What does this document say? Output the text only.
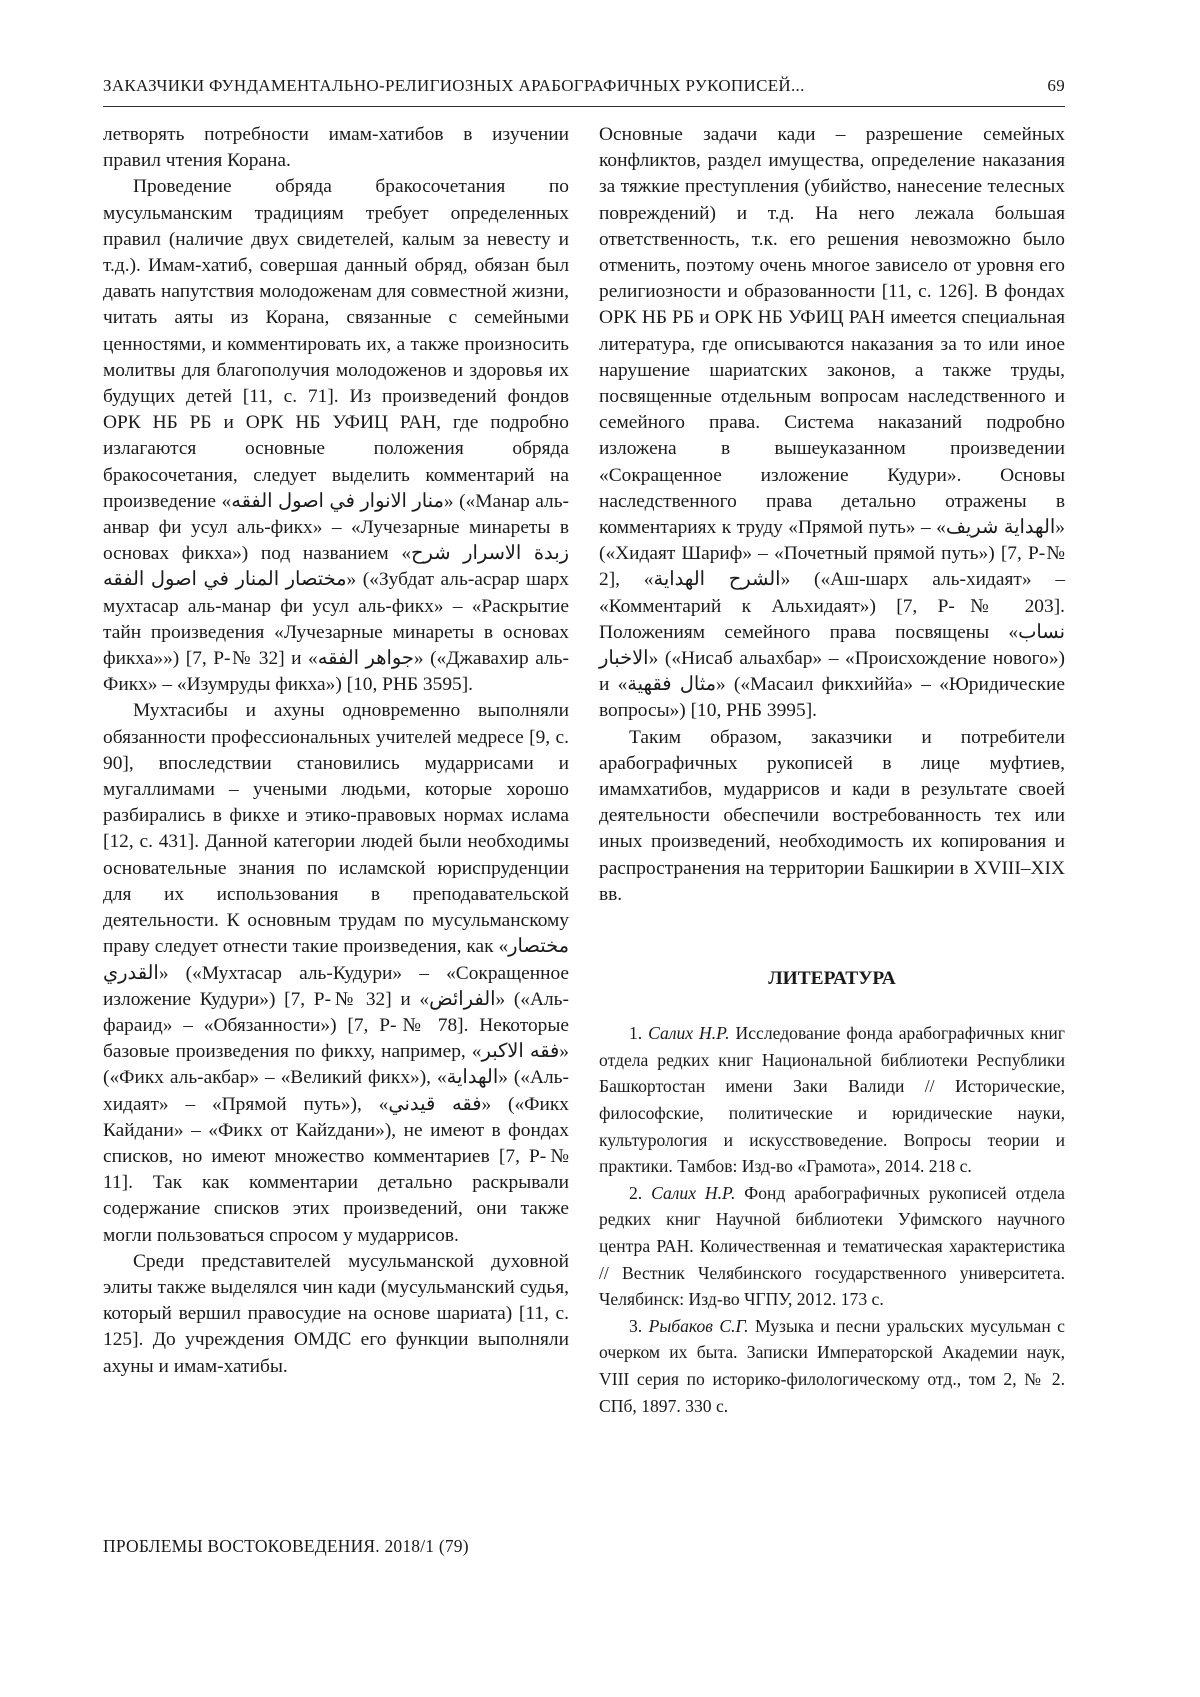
ЗАКАЗЧИКИ ФУНДАМЕНТАЛЬНО-РЕЛИГИОЗНЫХ АРАБОГРАФИЧНЫХ РУКОПИСЕЙ...	69

летворять потребности имам-хатибов в изучении правил чтения Корана.

Проведение обряда бракосочетания по мусульманским традициям требует определенных правил (наличие двух свидетелей, калым за невесту и т.д.). Имам-хатиб, совершая данный обряд, обязан был давать напутствия молодоженам для совместной жизни, читать аяты из Корана, связанные с семейными ценностями, и комментировать их, а также произносить молитвы для благополучия молодоженов и здоровья их будущих детей [11, с. 71]. Из произведений фондов ОРК НБ РБ и ОРК НБ УФИЦ РАН, где подробно излагаются основные положения обряда бракосочетания, следует выделить комментарий на произведение «منار الانوار في اصول الفقه» («Манар аль-анвар фи усул аль-фикх» – «Лучезарные минареты в основах фикха») под названием «زبدة الاسرار شرح مختصار المنار في اصول الفقه» («Зубдат аль-асрар шарх мухтасар аль-манар фи усул аль-фикх» – «Раскрытие тайн произведения «Лучезарные минареты в основах фикха»») [7, Р-№ 32] и «جواهر الفقه» («Джавахир аль-Фикх» – «Изумруды фикха») [10, РНБ 3595].

Мухтасибы и ахуны одновременно выполняли обязанности профессиональных учителей медресе [9, с. 90], впоследствии становились мударрисами и мугаллимами – учеными людьми, которые хорошо разбирались в фикхе и этико-правовых нормах ислама [12, с. 431]. Данной категории людей были необходимы основательные знания по исламской юриспруденции для их использования в преподавательской деятельности. К основным трудам по мусульманскому праву следует отнести такие произведения, как «مختصار القدري» («Мухтасар аль-Кудури» – «Сокращенное изложение Кудури») [7, Р-№ 32] и «الفرائض» («Аль-фараид» – «Обязанности») [7, Р-№ 78]. Некоторые базовые произведения по фикху, например, «فقه الاكبر» («Фикх аль-акбар» – «Великий фикх»), «الهداية» («Аль-хидаят» – «Прямой путь»), «فقه قيدني» («Фикх Кайдани» – «Фикх от Кайzдани»), не имеют в фондах списков, но имеют множество комментариев [7, Р-№ 11]. Так как комментарии детально раскрывали содержание списков этих произведений, они также могли пользоваться спросом у мударрисов.

Среди представителей мусульманской духовной элиты также выделялся чин кади (мусульманский судья, который вершил правосудие на основе шариата) [11, с. 125]. До учреждения ОМДС его функции выполняли ахуны и имам-хатибы.

Основные задачи кади – разрешение семейных конфликтов, раздел имущества, определение наказания за тяжкие преступления (убийство, нанесение телесных повреждений) и т.д. На него лежала большая ответственность, т.к. его решения невозможно было отменить, поэтому очень многое зависело от уровня его религиозности и образованности [11, с. 126]. В фондах ОРК НБ РБ и ОРК НБ УФИЦ РАН имеется специальная литература, где описываются наказания за то или иное нарушение шариатских законов, а также труды, посвященные отдельным вопросам наследственного и семейного права. Система наказаний подробно изложена в вышеуказанном произведении «Сокращенное изложение Кудури». Основы наследственного права детально отражены в комментариях к труду «Прямой путь» – «الهداية شريف» («Хидаят Шариф» – «Почетный прямой путь») [7, Р-№ 2], «الشرح الهداية» («Аш-шарх аль-хидаят» – «Комментарий к Альхидаят») [7, Р-№ 203]. Положениям семейного права посвящены «نساب الاخبار» («Нисаб альахбар» – «Происхождение нового») и «مثال فقهية» («Масаил фикхиййа» – «Юридические вопросы») [10, РНБ 3995].

Таким образом, заказчики и потребители арабографичных рукописей в лице муфтиев, имамхатибов, мударрисов и кади в результате своей деятельности обеспечили востребованность тех или иных произведений, необходимость их копирования и распространения на территории Башкирии в XVIII–XIX вв.

ЛИТЕРАТУРА

1. Салих Н.Р. Исследование фонда арабографичных книг отдела редких книг Национальной библиотеки Республики Башкортостан имени Заки Валиди // Исторические, философские, политические и юридические науки, культурология и искусствоведение. Вопросы теории и практики. Тамбов: Изд-во «Грамота», 2014. 218 с.

2. Салих Н.Р. Фонд арабографичных рукописей отдела редких книг Научной библиотеки Уфимского научного центра РАН. Количественная и тематическая характеристика // Вестник Челябинского государственного университета. Челябинск: Изд-во ЧГПУ, 2012. 173 с.

3. Рыбаков С.Г. Музыка и песни уральских мусульман с очерком их быта. Записки Императорской Академии наук, VIII серия по историко-филологическому отд., том 2, № 2. СПб, 1897. 330 с.

ПРОБЛЕМЫ ВОСТОКОВЕДЕНИЯ. 2018/1 (79)
